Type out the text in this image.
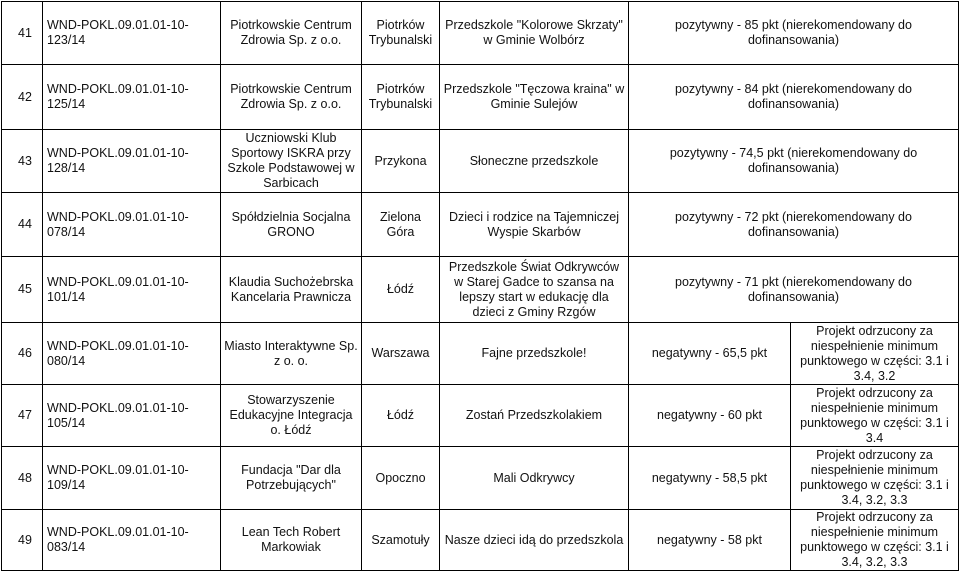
41	WND-POKL.09.01.01-10-123/14	Piotrkowskie Centrum Zdrowia Sp. z o.o.	Piotrków Trybunalski	Przedszkole "Kolorowe Skrzaty" w Gminie Wolbórz	pozytywny - 85 pkt (nierekomendowany do dofinansowania)	
42	WND-POKL.09.01.01-10-125/14	Piotrkowskie Centrum Zdrowia Sp. z o.o.	Piotrków Trybunalski	Przedszkole "Tęczowa kraina" w Gminie Sulejów	pozytywny - 84 pkt (nierekomendowany do dofinansowania)	
43	WND-POKL.09.01.01-10-128/14	Uczniowski Klub Sportowy ISKRA przy Szkole Podstawowej w Sarbicach	Przykona	Słoneczne przedszkole	pozytywny - 74,5 pkt (nierekomendowany do dofinansowania)	
44	WND-POKL.09.01.01-10-078/14	Spółdzielnia Socjalna GRONO	Zielona Góra	Dzieci i rodzice na Tajemniczej Wyspie Skarbów	pozytywny - 72 pkt (nierekomendowany do dofinansowania)	
45	WND-POKL.09.01.01-10-101/14	Klaudia Suchożebrska Kancelaria Prawnicza	Łódź	Przedszkole Świat Odkrywców w Starej Gadce to szansa na lepszy start w edukację dla dzieci z Gminy Rzgów	pozytywny - 71 pkt (nierekomendowany do dofinansowania)	
46	WND-POKL.09.01.01-10-080/14	Miasto Interaktywne Sp. z o. o.	Warszawa	Fajne przedszkole!	negatywny - 65,5 pkt	Projekt odrzucony za niespełnienie minimum punktowego w części: 3.1 i 3.4, 3.2
47	WND-POKL.09.01.01-10-105/14	Stowarzyszenie Edukacyjne Integracja o. Łódź	Łódź	Zostań Przedszkolakiem	negatywny - 60 pkt	Projekt odrzucony za niespełnienie minimum punktowego w części: 3.1 i 3.4
48	WND-POKL.09.01.01-10-109/14	Fundacja "Dar dla Potrzebujących"	Opoczno	Mali Odkrywcy	negatywny - 58,5 pkt	Projekt odrzucony za niespełnienie minimum punktowego w części: 3.1 i 3.4, 3.2, 3.3
49	WND-POKL.09.01.01-10-083/14	Lean Tech Robert Markowiak	Szamotuły	Nasze dzieci idą do przedszkola	negatywny - 58 pkt	Projekt odrzucony za niespełnienie minimum punktowego w części: 3.1 i 3.4, 3.2, 3.3
